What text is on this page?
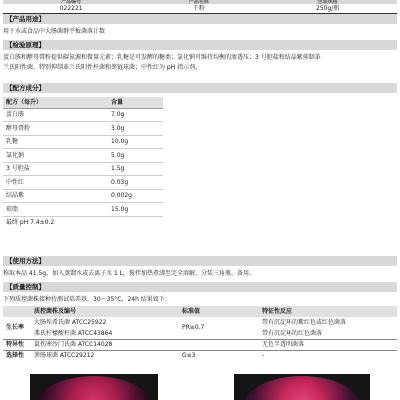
产品编号	产品名称	包装规格
022221	干粉	250g/瓶
【产品用途】
用于水或食品中大肠菌群平板菌落计数
【检验原理】
蛋白胨和酵母膏粉提供碳氮源和微量元素；乳糖是可发酵的糖类；氯化钠可维持均衡的渗透压；3 号胆盐和结晶紫抑制革
兰氏阳性菌，特别抑制革兰氏阳性杆菌和粪链球菌；中性红为 pH 指示剂。
【配方成分】
配方（每升）	含量
蛋白胨	7.0g
酵母膏粉	3.0g
乳糖	10.0g
氯化钠	5.0g
3 号胆盐	1.5g
中性红	0.03g
结晶紫	0.002g
琼脂	15.0g
最终 pH 7.4±0.2	
【使用方法】
称取本品 41.5g，加入蒸馏水或去离子水 1 L，搅拌加热煮沸至完全溶解，分装三角瓶，备用。
【质量控制】
下列质控菌株接种待测试培养基，30～35°C，24h 结果如下：
	质控菌株及编号	标准值	特征性反应
生长率	大肠埃希氏菌 ATCC25922	PR≥0.7	带有沉淀环的紫红色或红色菌落
	弗氏柠檬酸杆菌 ATCC43864		带有沉淀环的红色菌落
特异性	鼠伤寒沙门氏菌 ATCC14028		无色半透明菌落
选择性	粪肠球菌 ATCC29212	G≤3	-
